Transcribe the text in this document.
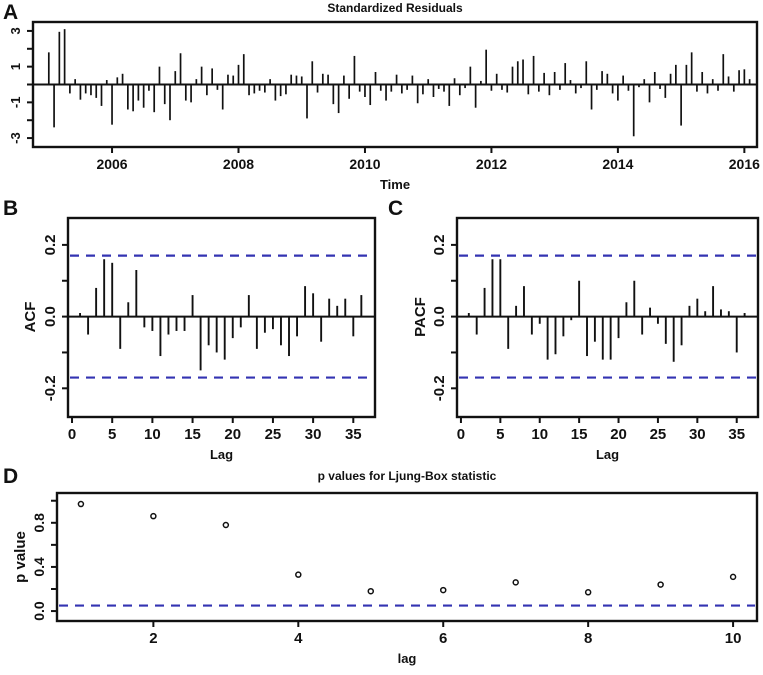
2006	2008	2010	2012	2014	2016
3
1
-1
-3
0 5 10 15 20 25 30 35
0.2
0.0
-0.2
0 5 10 15 20 25 30 35
0.2
0.0
-0.2
2	4	6	8	10
0.8
0.4
0.0
A
B	C
D
Standardized Residuals
p values for Ljung-Box statistic
Time
Lag	Lag
lag
ACF	PACF
p value
